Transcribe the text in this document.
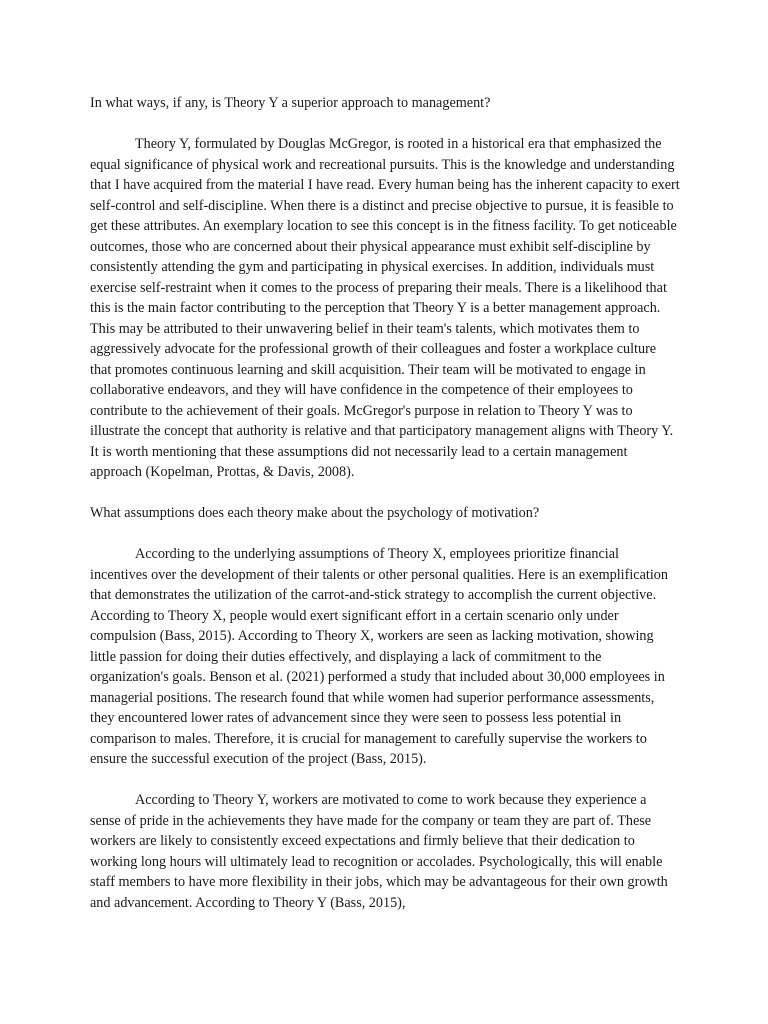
In what ways, if any, is Theory Y a superior approach to management?

Theory Y, formulated by Douglas McGregor, is rooted in a historical era that emphasized the equal significance of physical work and recreational pursuits. This is the knowledge and understanding that I have acquired from the material I have read. Every human being has the inherent capacity to exert self-control and self-discipline. When there is a distinct and precise objective to pursue, it is feasible to get these attributes. An exemplary location to see this concept is in the fitness facility. To get noticeable outcomes, those who are concerned about their physical appearance must exhibit self-discipline by consistently attending the gym and participating in physical exercises. In addition, individuals must exercise self-restraint when it comes to the process of preparing their meals. There is a likelihood that this is the main factor contributing to the perception that Theory Y is a better management approach. This may be attributed to their unwavering belief in their team's talents, which motivates them to aggressively advocate for the professional growth of their colleagues and foster a workplace culture that promotes continuous learning and skill acquisition. Their team will be motivated to engage in collaborative endeavors, and they will have confidence in the competence of their employees to contribute to the achievement of their goals. McGregor's purpose in relation to Theory Y was to illustrate the concept that authority is relative and that participatory management aligns with Theory Y. It is worth mentioning that these assumptions did not necessarily lead to a certain management approach (Kopelman, Prottas, & Davis, 2008).

What assumptions does each theory make about the psychology of motivation?

According to the underlying assumptions of Theory X, employees prioritize financial incentives over the development of their talents or other personal qualities. Here is an exemplification that demonstrates the utilization of the carrot-and-stick strategy to accomplish the current objective. According to Theory X, people would exert significant effort in a certain scenario only under compulsion (Bass, 2015). According to Theory X, workers are seen as lacking motivation, showing little passion for doing their duties effectively, and displaying a lack of commitment to the organization's goals. Benson et al. (2021) performed a study that included about 30,000 employees in managerial positions. The research found that while women had superior performance assessments, they encountered lower rates of advancement since they were seen to possess less potential in comparison to males. Therefore, it is crucial for management to carefully supervise the workers to ensure the successful execution of the project (Bass, 2015).

According to Theory Y, workers are motivated to come to work because they experience a sense of pride in the achievements they have made for the company or team they are part of. These workers are likely to consistently exceed expectations and firmly believe that their dedication to working long hours will ultimately lead to recognition or accolades. Psychologically, this will enable staff members to have more flexibility in their jobs, which may be advantageous for their own growth and advancement. According to Theory Y (Bass, 2015),
